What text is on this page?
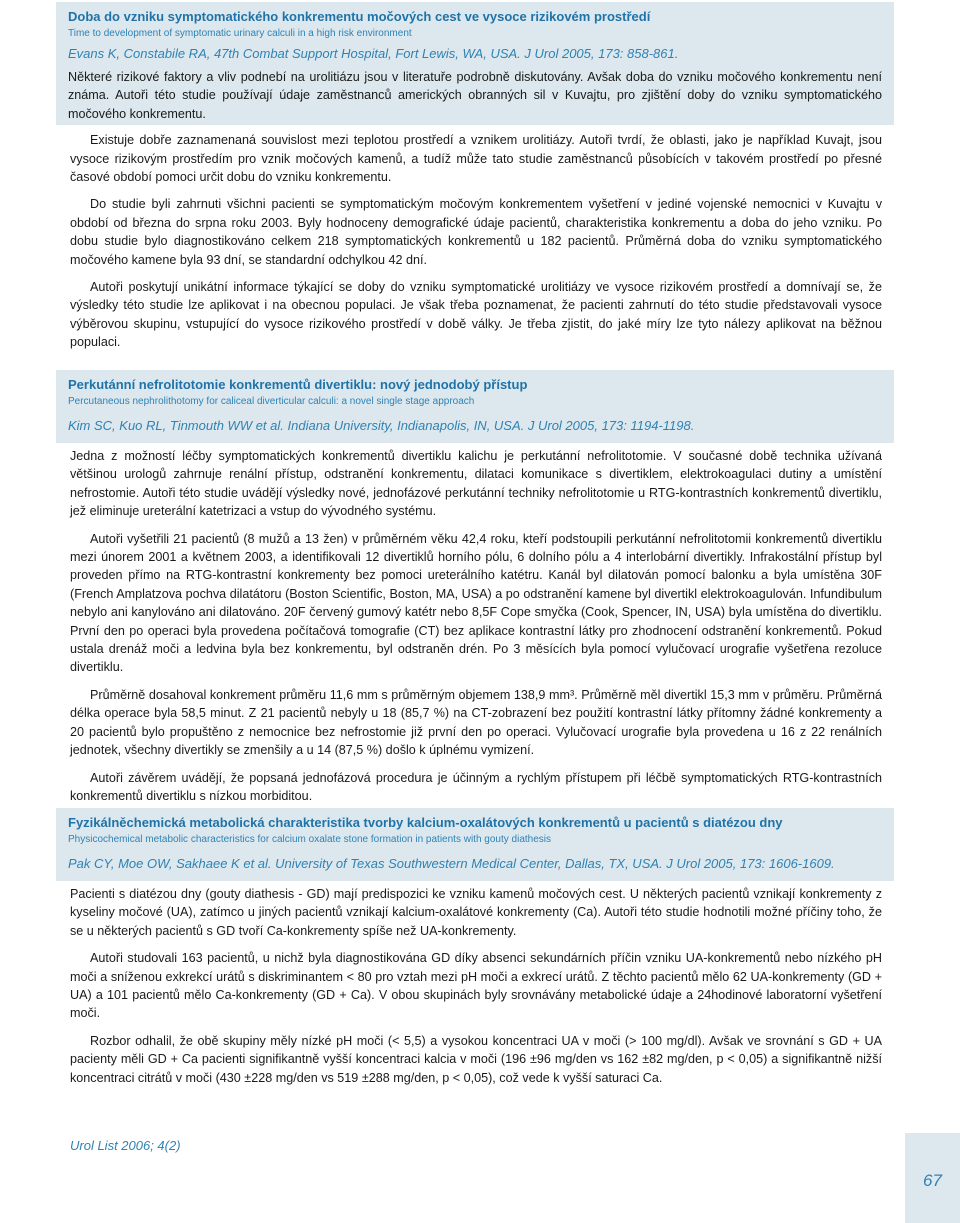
Doba do vzniku symptomatického konkrementu močových cest ve vysoce rizikovém prostředí

Time to development of symptomatic urinary calculi in a high risk environment

Evans K, Constabile RA, 47th Combat Support Hospital, Fort Lewis, WA, USA. J Urol 2005, 173: 858-861.

Některé rizikové faktory a vliv podnebí na urolitiázu jsou v literatuře podrobně diskutovány. Avšak doba do vzniku močového konkrementu není známa. Autoři této studie používají údaje zaměstnanců amerických obranných sil v Kuvajtu, pro zjištění doby do vzniku symptomatického močového konkrementu.

Existuje dobře zaznamenaná souvislost mezi teplotou prostředí a vznikem urolitiázy. Autoři tvrdí, že oblasti, jako je například Kuvajt, jsou vysoce rizikovým prostředím pro vznik močových kamenů, a tudíž může tato studie zaměstnanců působících v takovém prostředí po přesné časové období pomoci určit dobu do vzniku konkrementu.

Do studie byli zahrnuti všichni pacienti se symptomatickým močovým konkrementem vyšetření v jediné vojenské nemocnici v Kuvajtu v období od března do srpna roku 2003. Byly hodnoceny demografické údaje pacientů, charakteristika konkrementu a doba do jeho vzniku. Po dobu studie bylo diagnostikováno celkem 218 symptomatických konkrementů u 182 pacientů. Průměrná doba do vzniku symptomatického močového kamene byla 93 dní, se standardní odchylkou 42 dní.

Autoři poskytují unikátní informace týkající se doby do vzniku symptomatické urolitiázy ve vysoce rizikovém prostředí a domnívají se, že výsledky této studie lze aplikovat i na obecnou populaci. Je však třeba poznamenat, že pacienti zahrnutí do této studie představovali vysoce výběrovou skupinu, vstupující do vysoce rizikového prostředí v době války. Je třeba zjistit, do jaké míry lze tyto nálezy aplikovat na běžnou populaci.

Perkutánní nefrolitotomie konkrementů divertiklu: nový jednodobý přístup

Percutaneous nephrolithotomy for caliceal diverticular calculi: a novel single stage approach

Kim SC, Kuo RL, Tinmouth WW et al. Indiana University, Indianapolis, IN, USA. J Urol 2005, 173: 1194-1198.

Jedna z možností léčby symptomatických konkrementů divertiklu kalichu je perkutánní nefrolitotomie. V současné době technika užívaná většinou urologů zahrnuje renální přístup, odstranění konkrementu, dilataci komunikace s divertiklem, elektrokoagulaci dutiny a umístění nefrostomie. Autoři této studie uvádějí výsledky nové, jednofázové perkutánní techniky nefrolitotomie u RTG-kontrastních konkrementů divertiklu, jež eliminuje ureterální katetrizaci a vstup do vývodného systému.

Autoři vyšetřili 21 pacientů (8 mužů a 13 žen) v průměrném věku 42,4 roku, kteří podstoupili perkutánní nefrolitotomii konkrementů divertiklu mezi únorem 2001 a květnem 2003, a identifikovali 12 divertiklů horního pólu, 6 dolního pólu a 4 interlobární divertikly. Infrakostální přístup byl proveden přímo na RTG-kontrastní konkrementy bez pomoci ureterálního katétru. Kanál byl dilatován pomocí balonku a byla umístěna 30F (French Amplatzova pochva dilatátoru (Boston Scientific, Boston, MA, USA) a po odstranění kamene byl divertikl elektrokoagulován. Infundibulum nebylo ani kanylováno ani dilatováno. 20F červený gumový katétr nebo 8,5F Cope smyčka (Cook, Spencer, IN, USA) byla umístěna do divertiklu. První den po operaci byla provedena počítačová tomografie (CT) bez aplikace kontrastní látky pro zhodnocení odstranění konkrementů. Pokud ustala drenáž moči a ledvina byla bez konkrementu, byl odstraněn drén. Po 3 měsících byla pomocí vylučovací urografie vyšetřena rezoluce divertiklu.

Průměrně dosahoval konkrement průměru 11,6 mm s průměrným objemem 138,9 mm³. Průměrně měl divertikl 15,3 mm v průměru. Průměrná délka operace byla 58,5 minut. Z 21 pacientů nebyly u 18 (85,7 %) na CT-zobrazení bez použití kontrastní látky přítomny žádné konkrementy a 20 pacientů bylo propuštěno z nemocnice bez nefrostomie již první den po operaci. Vylučovací urografie byla provedena u 16 z 22 renálních jednotek, všechny divertikly se zmenšily a u 14 (87,5 %) došlo k úplnému vymizení.

Autoři závěrem uvádějí, že popsaná jednofázová procedura je účinným a rychlým přístupem při léčbě symptomatických RTG-kontrastních konkrementů divertiklu s nízkou morbiditou.

Fyzikálněchemická metabolická charakteristika tvorby kalcium-oxalátových konkrementů u pacientů s diatézou dny

Physicochemical metabolic characteristics for calcium oxalate stone formation in patients with gouty diathesis

Pak CY, Moe OW, Sakhaee K et al. University of Texas Southwestern Medical Center, Dallas, TX, USA. J Urol 2005, 173: 1606-1609.

Pacienti s diatézou dny (gouty diathesis - GD) mají predispozici ke vzniku kamenů močových cest. U některých pacientů vznikají konkrementy z kyseliny močové (UA), zatímco u jiných pacientů vznikají kalcium-oxalátové konkrementy (Ca). Autoři této studie hodnotili možné příčiny toho, že se u některých pacientů s GD tvoří Ca-konkrementy spíše než UA-konkrementy.

Autoři studovali 163 pacientů, u nichž byla diagnostikována GD díky absenci sekundárních příčin vzniku UA-konkrementů nebo nízkého pH moči a sníženou exkrekcí urátů s diskriminantem < 80 pro vztah mezi pH moči a exkrecí urátů. Z těchto pacientů mělo 62 UA-konkrementy (GD + UA) a 101 pacientů mělo Ca-konkrementy (GD + Ca). V obou skupinách byly srovnávány metabolické údaje a 24hodinové laboratorní vyšetření moči.

Rozbor odhalil, že obě skupiny měly nízké pH moči (< 5,5) a vysokou koncentraci UA v moči (> 100 mg/dl). Avšak ve srovnání s GD + UA pacienty měli GD + Ca pacienti signifikantně vyšší koncentraci kalcia v moči (196 ±96 mg/den vs 162 ±82 mg/den, p < 0,05) a signifikantně nižší koncentraci citrátů v moči (430 ±228 mg/den vs 519 ±288 mg/den, p < 0,05), což vede k vyšší saturaci Ca.

Urol List 2006; 4(2)
67
